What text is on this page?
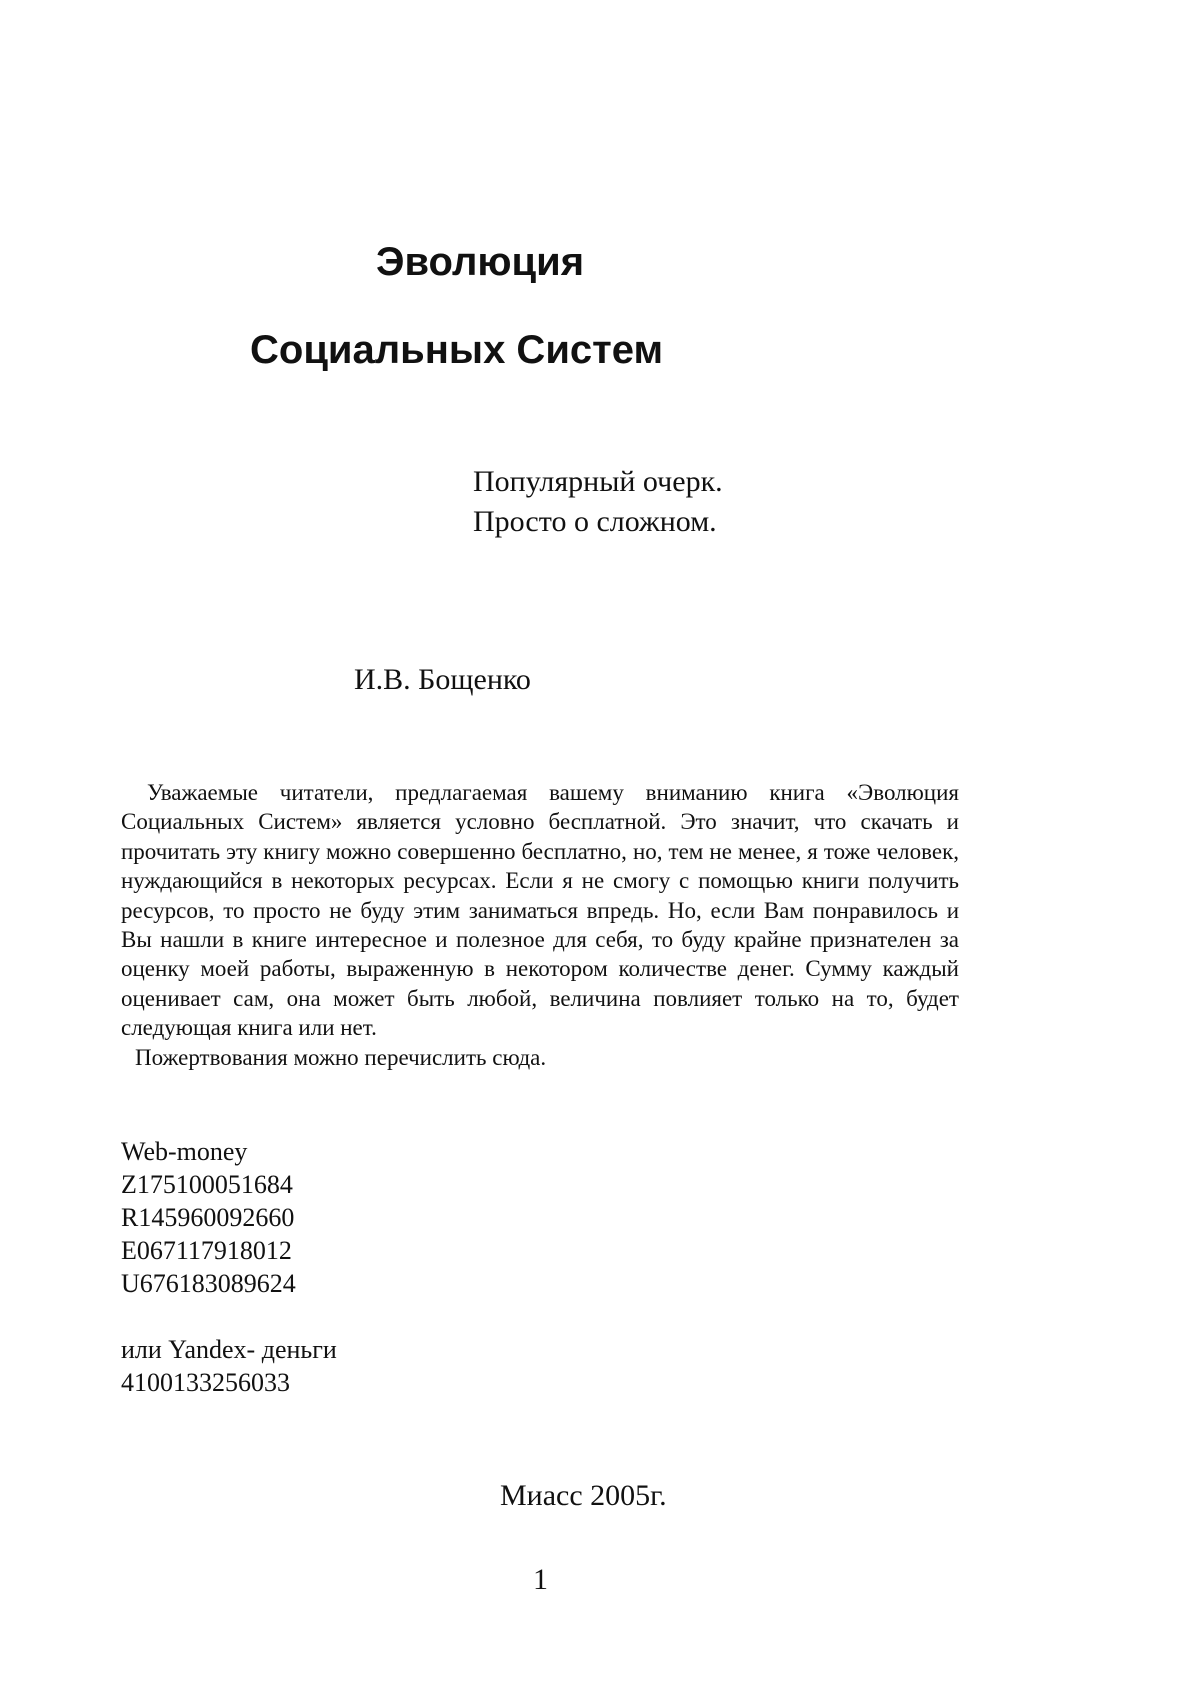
Эволюция
Социальных Систем
Популярный очерк.
Просто о сложном.
И.В. Бощенко

Уважаемые читатели, предлагаемая вашему вниманию книга «Эволюция Социальных Систем» является условно бесплатной. Это значит, что скачать и прочитать эту книгу можно совершенно бесплатно, но, тем не менее, я тоже человек, нуждающийся в некоторых ресурсах. Если я не смогу с помощью книги получить ресурсов, то просто не буду этим заниматься впредь. Но, если Вам понравилось и Вы нашли в книге интересное и полезное для себя, то буду крайне признателен за оценку моей работы, выраженную в некотором количестве денег. Сумму каждый оценивает сам, она может быть любой, величина повлияет только на то, будет следующая книга или нет.

Пожертвования можно перечислить сюда.

Web-money
Z175100051684
R145960092660
E067117918012
U676183089624
или Yandex- деньги
4100133256033
Миасс 2005г.
1
